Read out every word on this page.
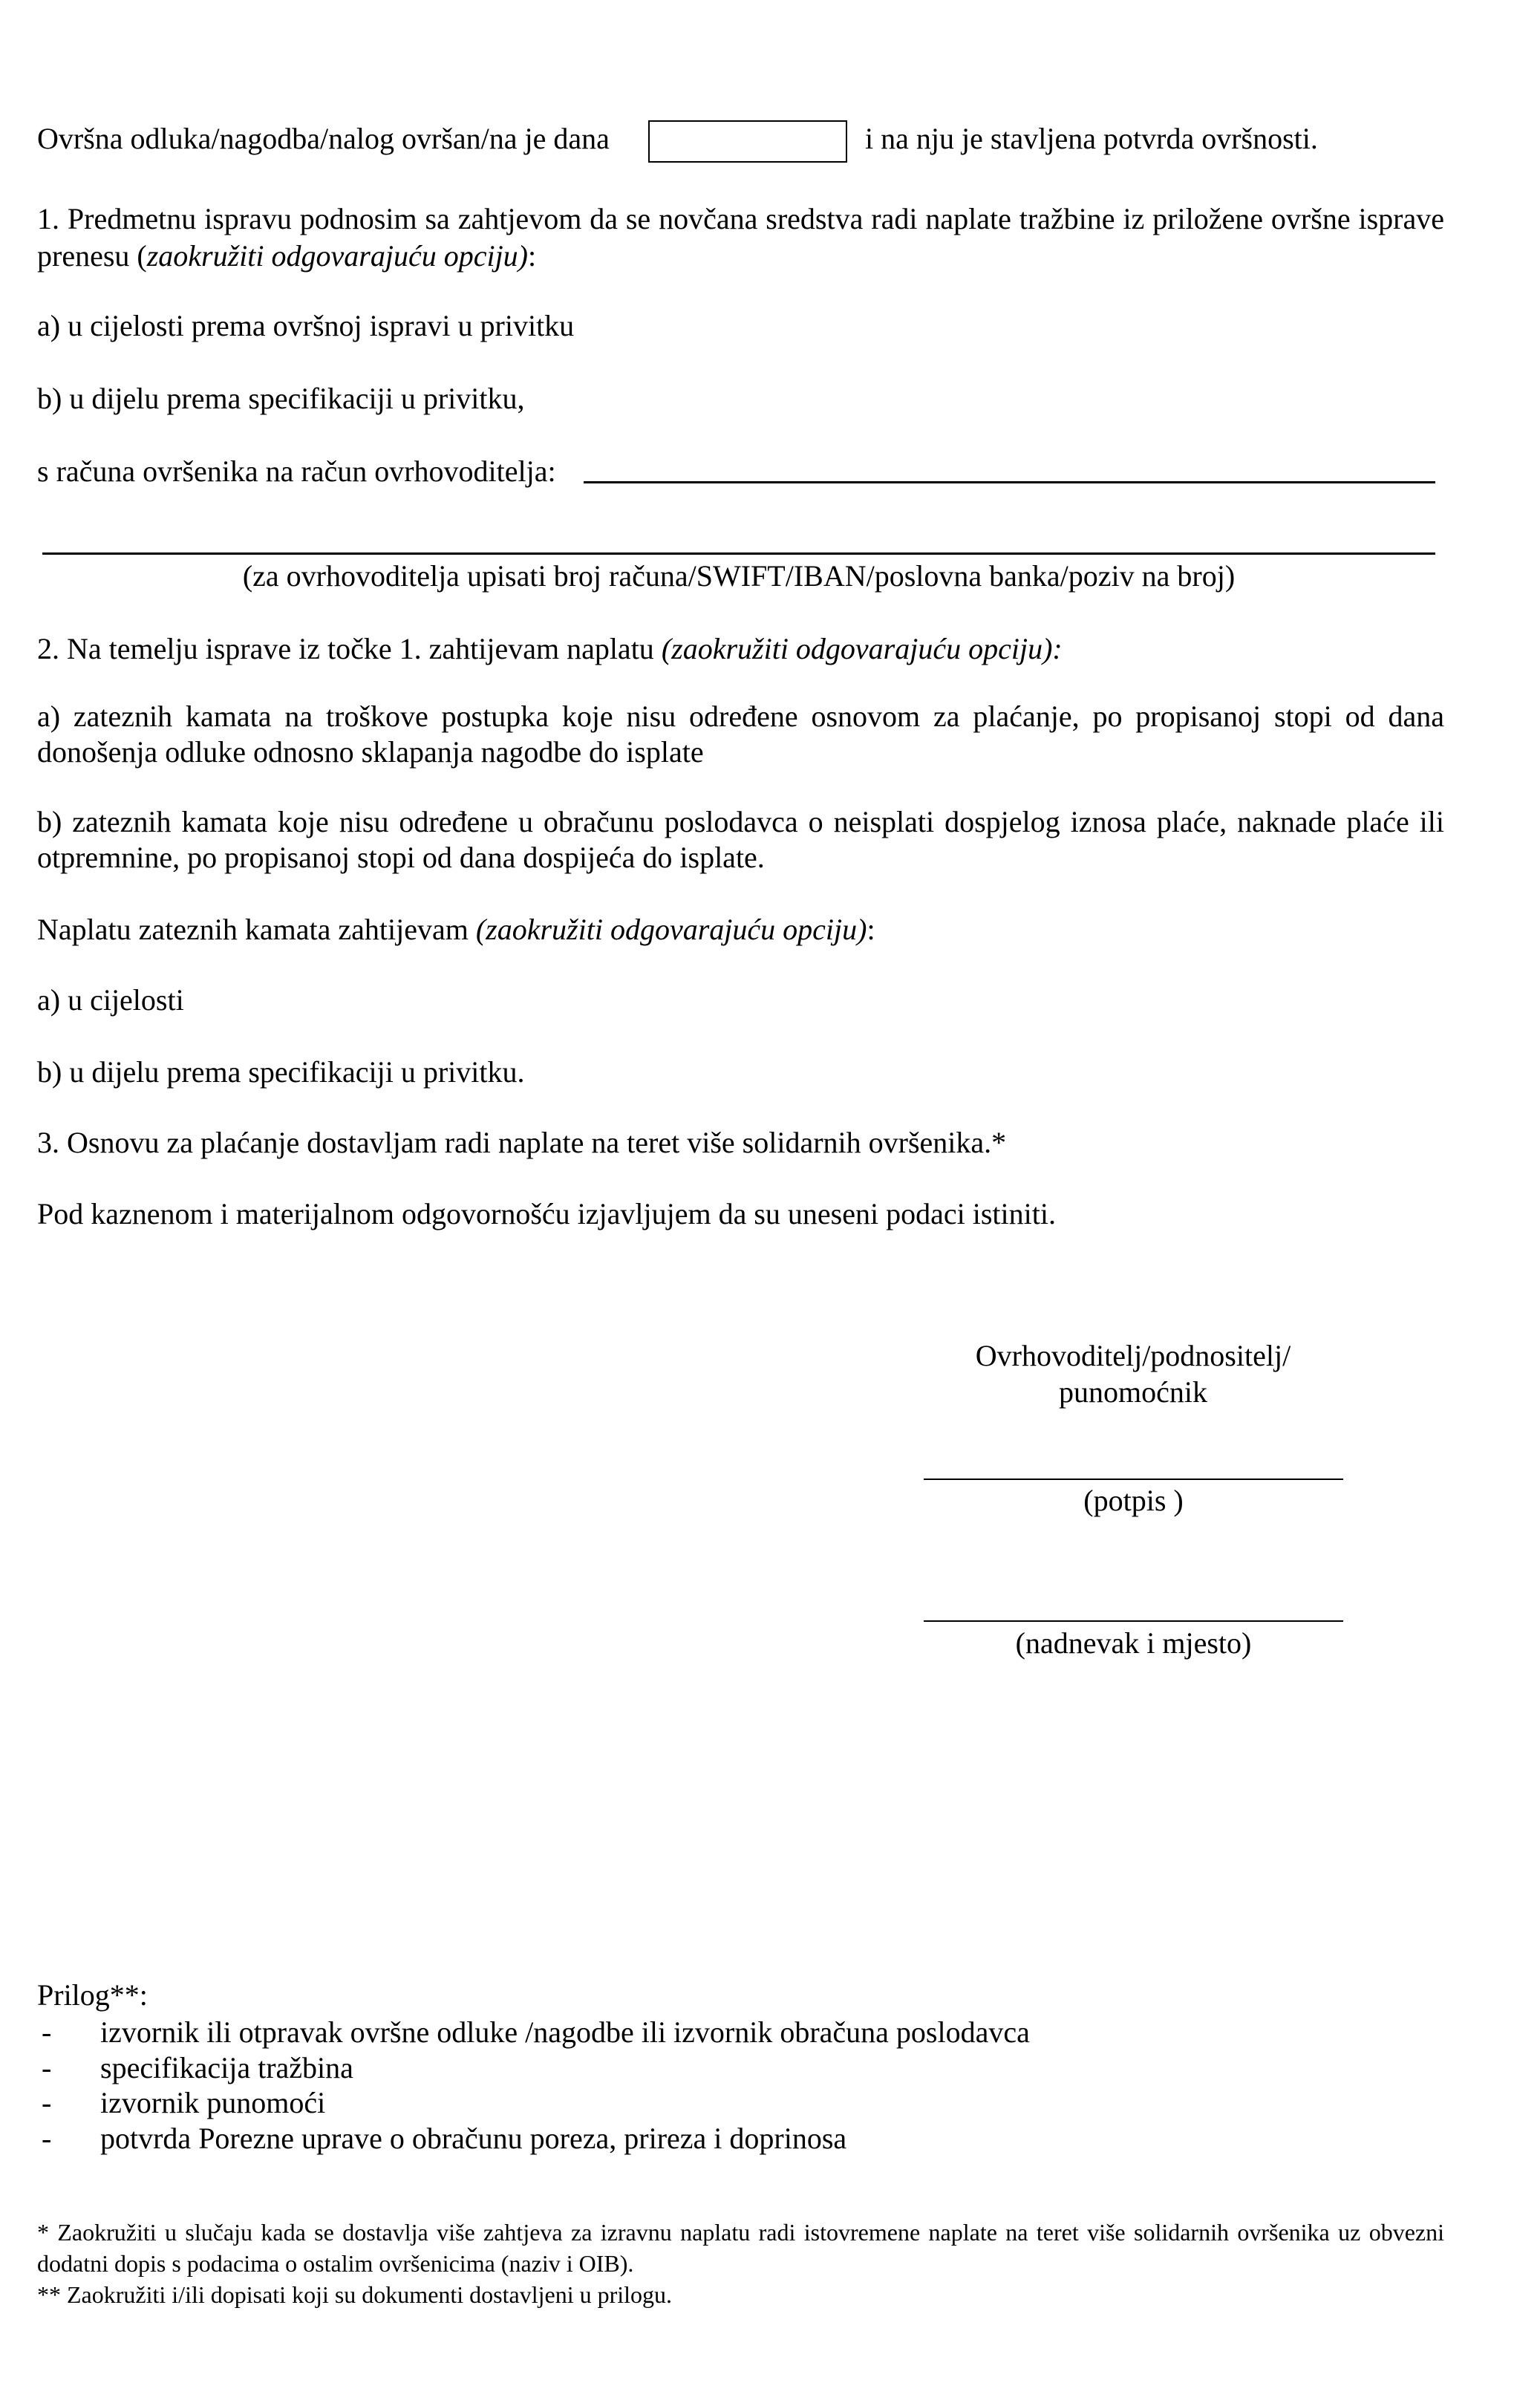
Ovršna odluka/nagodba/nalog ovršan/na je dana	i na nju je stavljena potvrda ovršnosti.
1. Predmetnu ispravu podnosim sa zahtjevom da se novčana sredstva radi naplate tražbine iz priložene ovršne isprave prenesu (zaokružiti odgovarajuću opciju):
a) u cijelosti prema ovršnoj ispravi u privitku
b) u dijelu prema specifikaciji u privitku,
s računa ovršenika na račun ovrhovoditelja:
(za ovrhovoditelja upisati broj računa/SWIFT/IBAN/poslovna banka/poziv na broj)
2. Na temelju isprave iz točke 1. zahtijevam naplatu (zaokružiti odgovarajuću opciju):
a) zateznih kamata na troškove postupka koje nisu određene osnovom za plaćanje, po propisanoj stopi od dana donošenja odluke odnosno sklapanja nagodbe do isplate
b) zateznih kamata koje nisu određene u obračunu poslodavca o neisplati dospjelog iznosa plaće, naknade plaće ili otpremnine, po propisanoj stopi od dana dospijeća do isplate.
Naplatu zateznih kamata zahtijevam (zaokružiti odgovarajuću opciju):
a) u cijelosti
b) u dijelu prema specifikaciji u privitku.
3. Osnovu za plaćanje dostavljam radi naplate na teret više solidarnih ovršenika.*
Pod kaznenom i materijalnom odgovornošću izjavljujem da su uneseni podaci istiniti.
Ovrhovoditelj/podnositelj/
punomoćnik
(potpis )
(nadnevak i mjesto)
Prilog**:
- izvornik ili otpravak ovršne odluke /nagodbe ili izvornik obračuna poslodavca
- specifikacija tražbina
- izvornik punomoći
- potvrda Porezne uprave o obračunu poreza, prireza i doprinosa
* Zaokružiti u slučaju kada se dostavlja više zahtjeva za izravnu naplatu radi istovremene naplate na teret više solidarnih ovršenika uz obvezni dodatni dopis s podacima o ostalim ovršenicima (naziv i OIB).
** Zaokružiti i/ili dopisati koji su dokumenti dostavljeni u prilogu.
